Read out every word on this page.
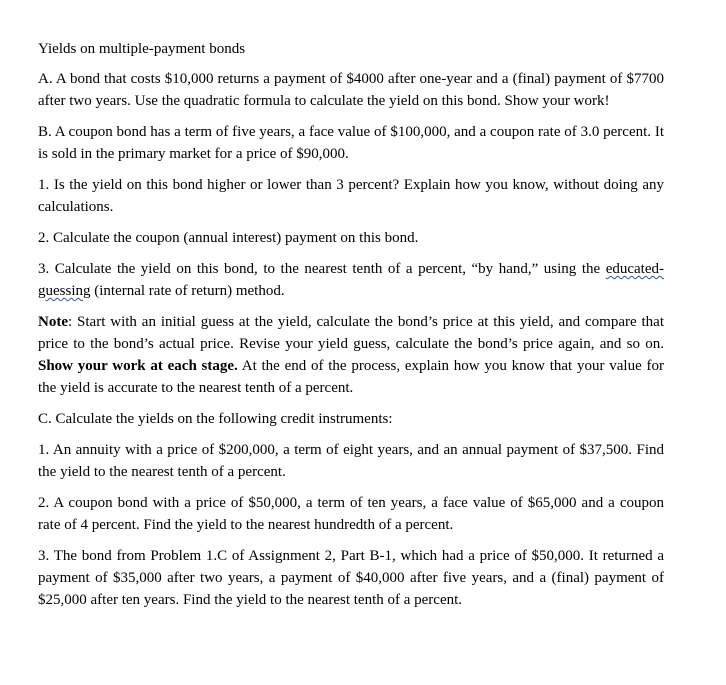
Yields on multiple-payment bonds

A. A bond that costs $10,000 returns a payment of $4000 after one-year and a (final) payment of $7700 after two years. Use the quadratic formula to calculate the yield on this bond. Show your work!

B. A coupon bond has a term of five years, a face value of $100,000, and a coupon rate of 3.0 percent. It is sold in the primary market for a price of $90,000.

1. Is the yield on this bond higher or lower than 3 percent? Explain how you know, without doing any calculations.

2. Calculate the coupon (annual interest) payment on this bond.

3. Calculate the yield on this bond, to the nearest tenth of a percent, “by hand,” using the educated-guessing (internal rate of return) method.

Note: Start with an initial guess at the yield, calculate the bond’s price at this yield, and compare that price to the bond’s actual price. Revise your yield guess, calculate the bond’s price again, and so on. Show your work at each stage. At the end of the process, explain how you know that your value for the yield is accurate to the nearest tenth of a percent.

C. Calculate the yields on the following credit instruments:

1. An annuity with a price of $200,000, a term of eight years, and an annual payment of $37,500. Find the yield to the nearest tenth of a percent.

2. A coupon bond with a price of $50,000, a term of ten years, a face value of $65,000 and a coupon rate of 4 percent. Find the yield to the nearest hundredth of a percent.

3. The bond from Problem 1.C of Assignment 2, Part B-1, which had a price of $50,000. It returned a payment of $35,000 after two years, a payment of $40,000 after five years, and a (final) payment of $25,000 after ten years. Find the yield to the nearest tenth of a percent.
